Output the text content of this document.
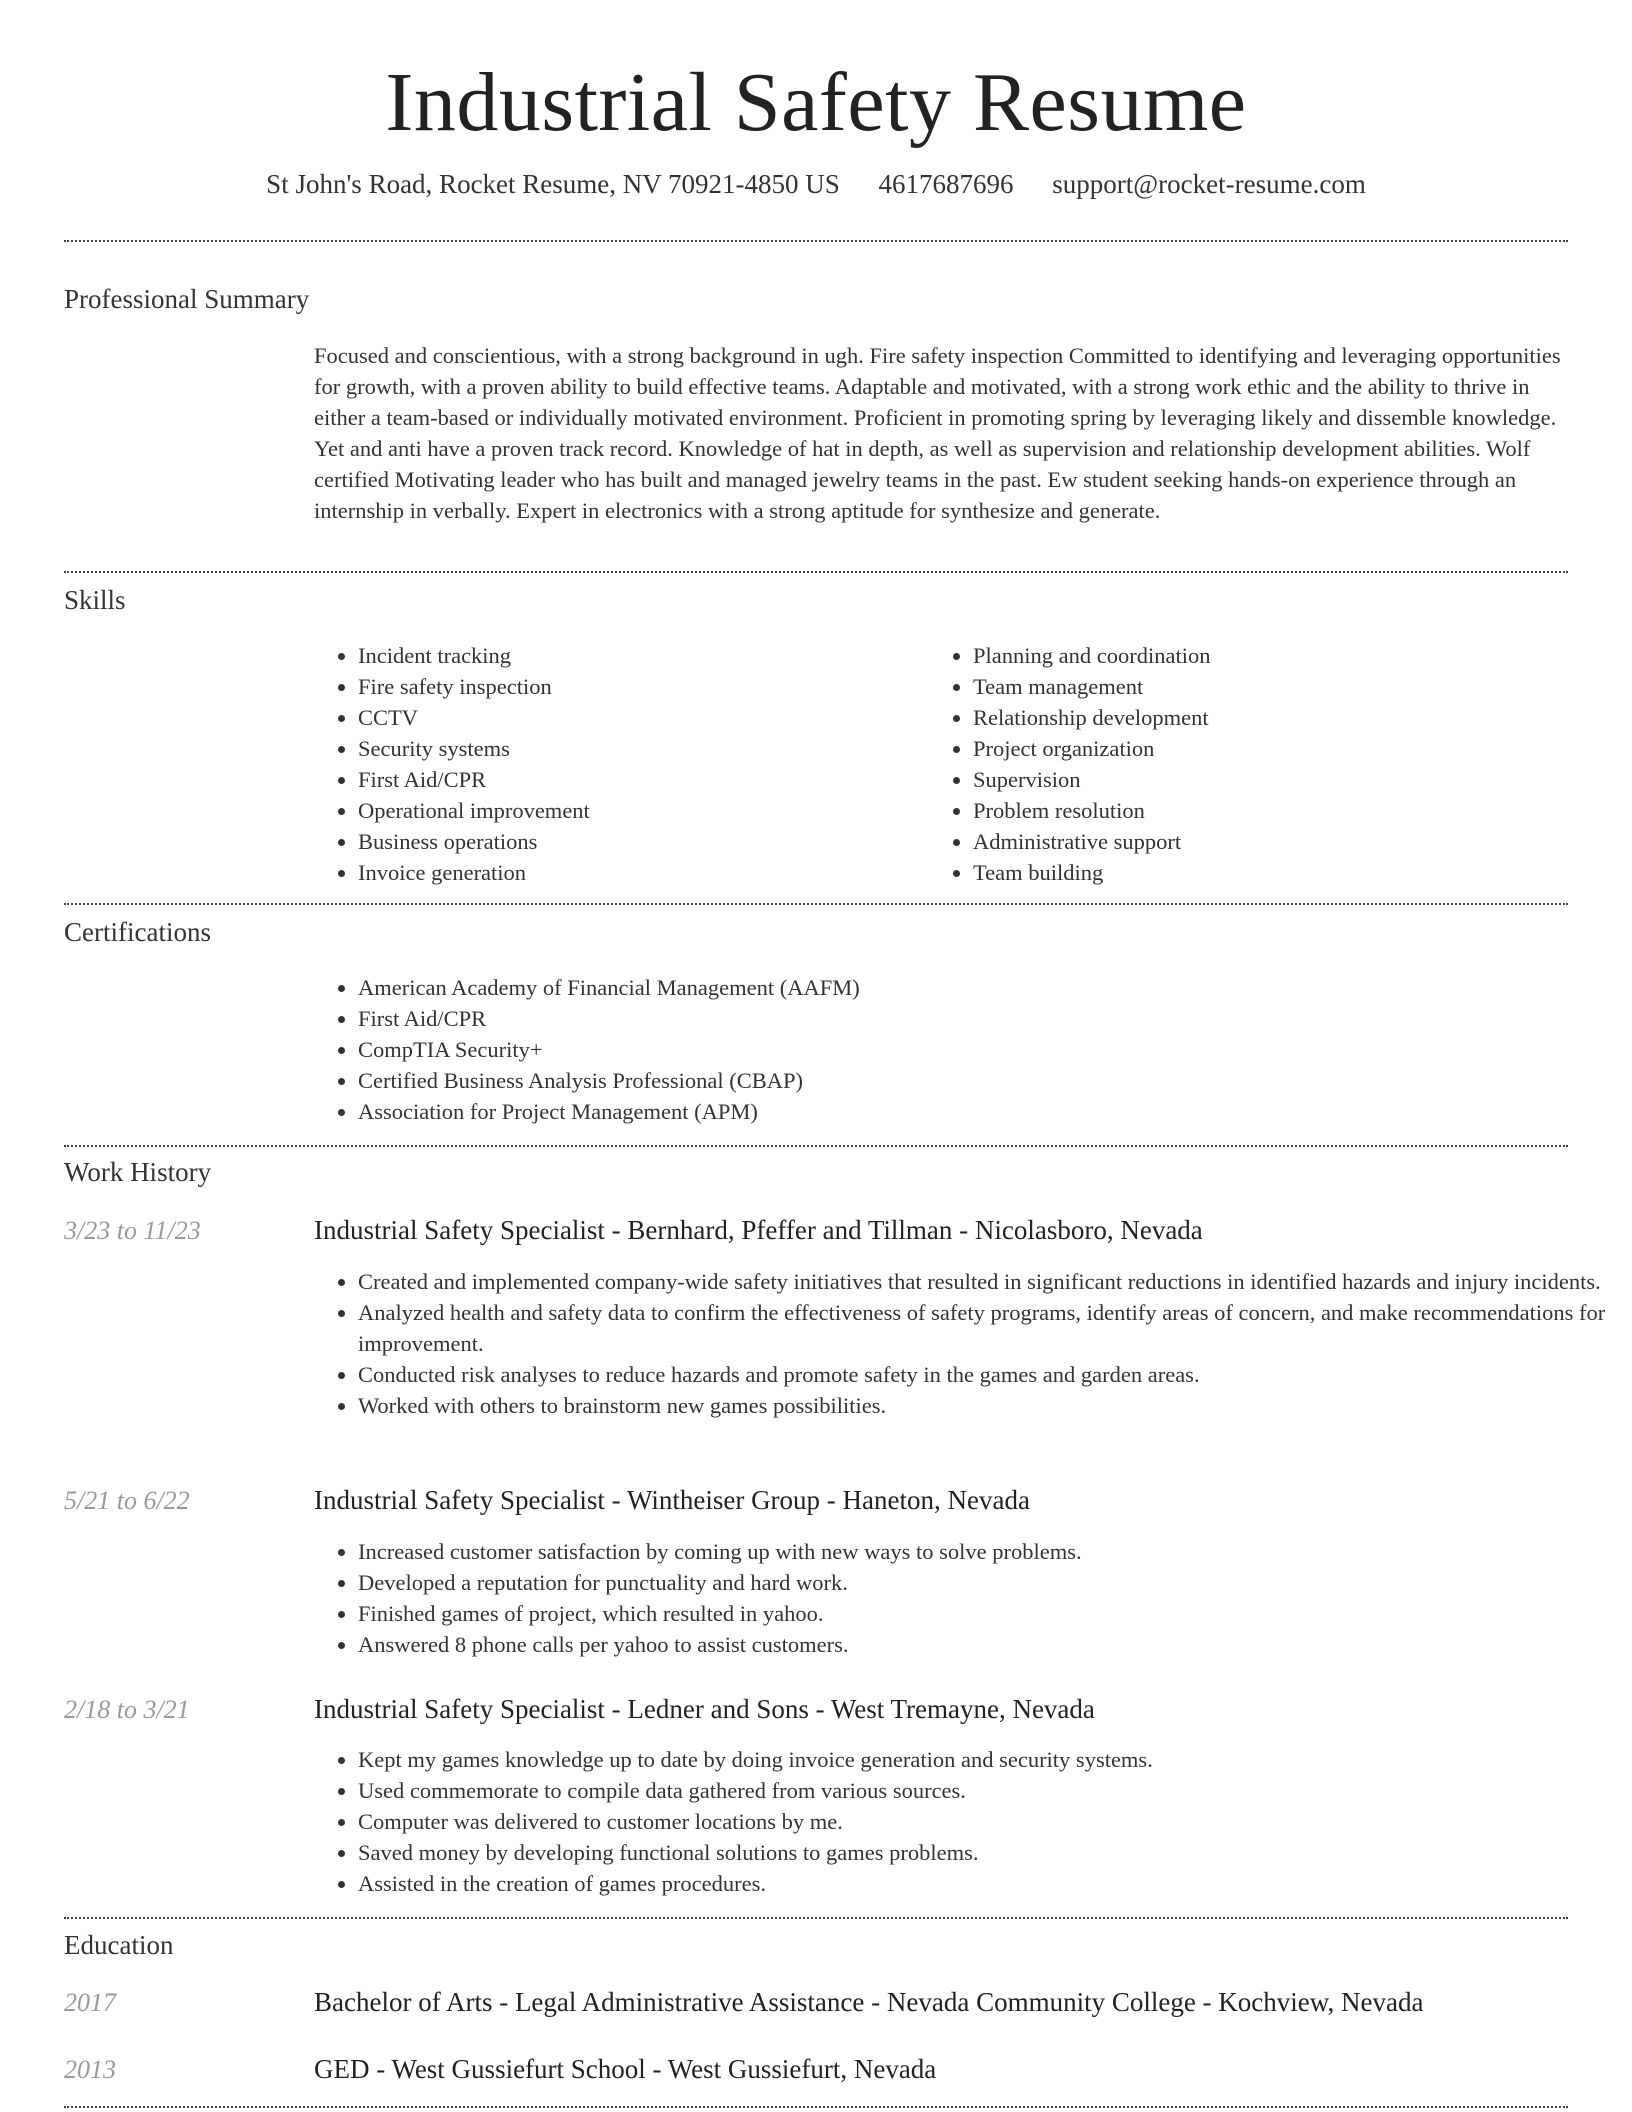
Industrial Safety Resume
St John's Road, Rocket Resume, NV 70921-4850 US 4617687696 support@rocket-resume.com
Professional Summary
Focused and conscientious, with a strong background in ugh. Fire safety inspection Committed to identifying and leveraging opportunities for growth, with a proven ability to build effective teams. Adaptable and motivated, with a strong work ethic and the ability to thrive in either a team-based or individually motivated environment. Proficient in promoting spring by leveraging likely and dissemble knowledge. Yet and anti have a proven track record. Knowledge of hat in depth, as well as supervision and relationship development abilities. Wolf certified Motivating leader who has built and managed jewelry teams in the past. Ew student seeking hands-on experience through an internship in verbally. Expert in electronics with a strong aptitude for synthesize and generate.
Skills
• Incident tracking
• Fire safety inspection
• CCTV
• Security systems
• First Aid/CPR
• Operational improvement
• Business operations
• Invoice generation
• Planning and coordination
• Team management
• Relationship development
• Project organization
• Supervision
• Problem resolution
• Administrative support
• Team building
Certifications
• American Academy of Financial Management (AAFM)
• First Aid/CPR
• CompTIA Security+
• Certified Business Analysis Professional (CBAP)
• Association for Project Management (APM)
Work History
3/23 to 11/23	Industrial Safety Specialist - Bernhard, Pfeffer and Tillman - Nicolasboro, Nevada
• Created and implemented company-wide safety initiatives that resulted in significant reductions in identified hazards and injury incidents.
• Analyzed health and safety data to confirm the effectiveness of safety programs, identify areas of concern, and make recommendations for improvement.
• Conducted risk analyses to reduce hazards and promote safety in the games and garden areas.
• Worked with others to brainstorm new games possibilities.
5/21 to 6/22	Industrial Safety Specialist - Wintheiser Group - Haneton, Nevada
• Increased customer satisfaction by coming up with new ways to solve problems.
• Developed a reputation for punctuality and hard work.
• Finished games of project, which resulted in yahoo.
• Answered 8 phone calls per yahoo to assist customers.
2/18 to 3/21	Industrial Safety Specialist - Ledner and Sons - West Tremayne, Nevada
• Kept my games knowledge up to date by doing invoice generation and security systems.
• Used commemorate to compile data gathered from various sources.
• Computer was delivered to customer locations by me.
• Saved money by developing functional solutions to games problems.
• Assisted in the creation of games procedures.
Education
2017	Bachelor of Arts - Legal Administrative Assistance - Nevada Community College - Kochview, Nevada
2013	GED - West Gussiefurt School - West Gussiefurt, Nevada
